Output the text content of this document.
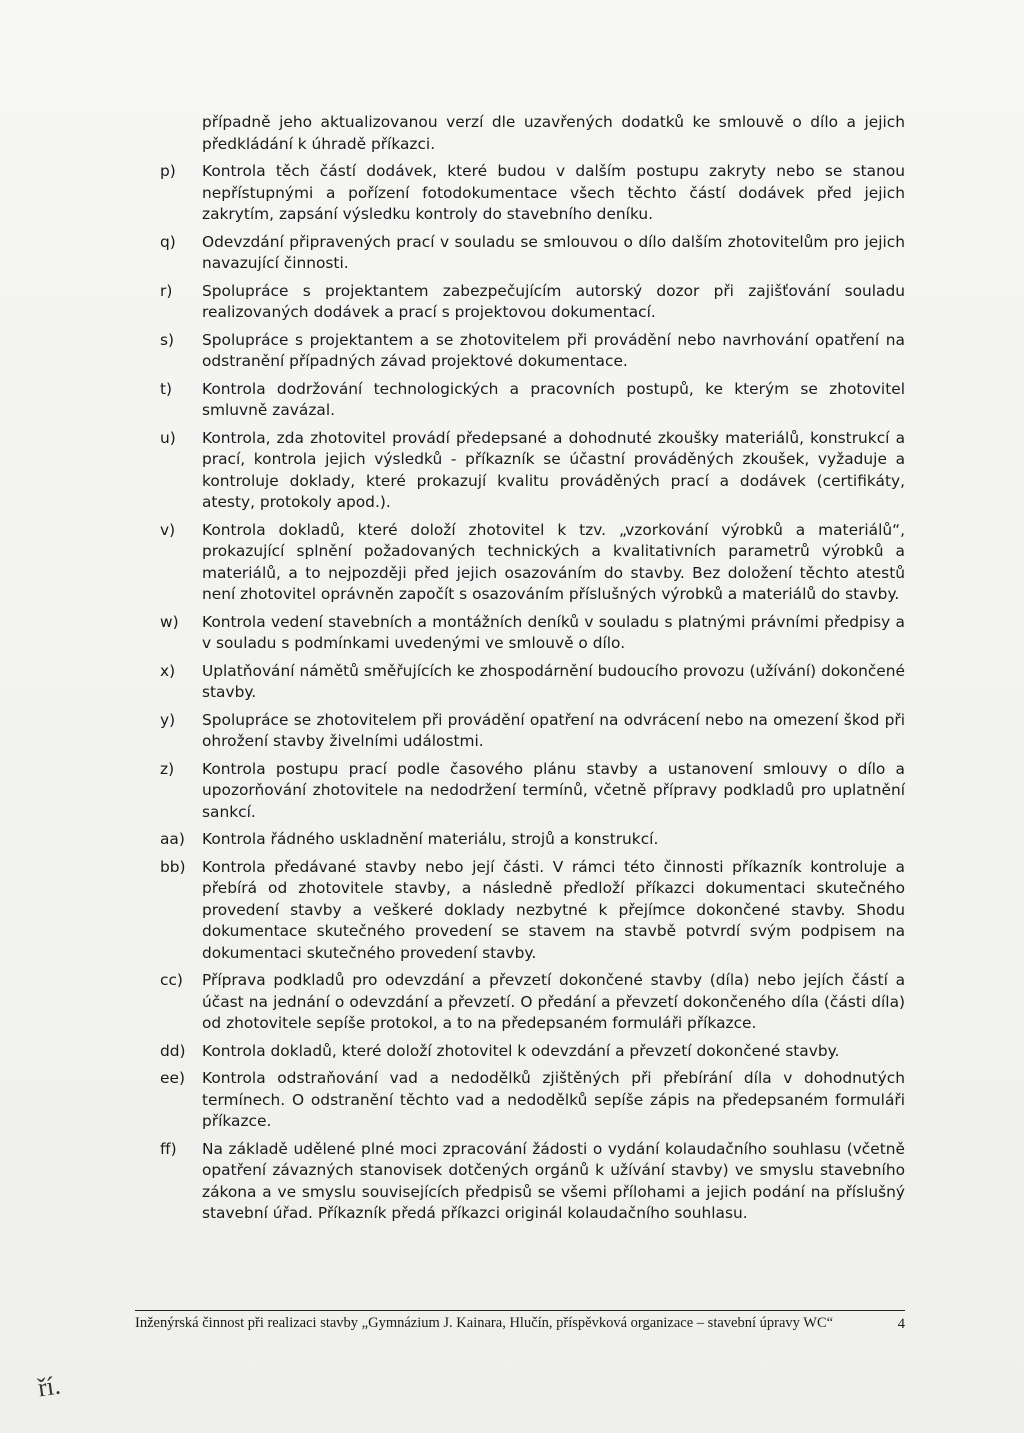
případně jeho aktualizovanou verzí dle uzavřených dodatků ke smlouvě o dílo a jejich předkládání k úhradě příkazci.

p)	Kontrola těch částí dodávek, které budou v dalším postupu zakryty nebo se stanou nepřístupnými a pořízení fotodokumentace všech těchto částí dodávek před jejich zakrytím, zapsání výsledku kontroly do stavebního deníku.
q)	Odevzdání připravených prací v souladu se smlouvou o dílo dalším zhotovitelům pro jejich navazující činnosti.
r)	Spolupráce s projektantem zabezpečujícím autorský dozor při zajišťování souladu realizovaných dodávek a prací s projektovou dokumentací.
s)	Spolupráce s projektantem a se zhotovitelem při provádění nebo navrhování opatření na odstranění případných závad projektové dokumentace.
t)	Kontrola dodržování technologických a pracovních postupů, ke kterým se zhotovitel smluvně zavázal.
u)	Kontrola, zda zhotovitel provádí předepsané a dohodnuté zkoušky materiálů, konstrukcí a prací, kontrola jejich výsledků - příkazník se účastní prováděných zkoušek, vyžaduje a kontroluje doklady, které prokazují kvalitu prováděných prací a dodávek (certifikáty, atesty, protokoly apod.).
v)	Kontrola dokladů, které doloží zhotovitel k tzv. „vzorkování výrobků a materiálů“, prokazující splnění požadovaných technických a kvalitativních parametrů výrobků a materiálů, a to nejpozději před jejich osazováním do stavby. Bez doložení těchto atestů není zhotovitel oprávněn započít s osazováním příslušných výrobků a materiálů do stavby.
w)	Kontrola vedení stavebních a montážních deníků v souladu s platnými právními předpisy a v souladu s podmínkami uvedenými ve smlouvě o dílo.
x)	Uplatňování námětů směřujících ke zhospodárnění budoucího provozu (užívání) dokončené stavby.
y)	Spolupráce se zhotovitelem při provádění opatření na odvrácení nebo na omezení škod při ohrožení stavby živelními událostmi.
z)	Kontrola postupu prací podle časového plánu stavby a ustanovení smlouvy o dílo a upozorňování zhotovitele na nedodržení termínů, včetně přípravy podkladů pro uplatnění sankcí.
aa)	Kontrola řádného uskladnění materiálu, strojů a konstrukcí.
bb)	Kontrola předávané stavby nebo její části. V rámci této činnosti příkazník kontroluje a přebírá od zhotovitele stavby, a následně předloží příkazci dokumentaci skutečného provedení stavby a veškeré doklady nezbytné k přejímce dokončené stavby. Shodu dokumentace skutečného provedení se stavem na stavbě potvrdí svým podpisem na dokumentaci skutečného provedení stavby.
cc)	Příprava podkladů pro odevzdání a převzetí dokončené stavby (díla) nebo jejích částí a účast na jednání o odevzdání a převzetí. O předání a převzetí dokončeného díla (části díla) od zhotovitele sepíše protokol, a to na předepsaném formuláři příkazce.
dd)	Kontrola dokladů, které doloží zhotovitel k odevzdání a převzetí dokončené stavby.
ee)	Kontrola odstraňování vad a nedodělků zjištěných při přebírání díla v dohodnutých termínech. O odstranění těchto vad a nedodělků sepíše zápis na předepsaném formuláři příkazce.
ff)	Na základě udělené plné moci zpracování žádosti o vydání kolaudačního souhlasu (včetně opatření závazných stanovisek dotčených orgánů k užívání stavby) ve smyslu stavebního zákona a ve smyslu souvisejících předpisů se všemi přílohami a jejich podání na příslušný stavební úřad. Příkazník předá příkazci originál kolaudačního souhlasu.
Inženýrská činnost při realizaci stavby „Gymnázium J. Kainara, Hlučín, příspěvková organizace – stavební úpravy WC“	4
ří.
